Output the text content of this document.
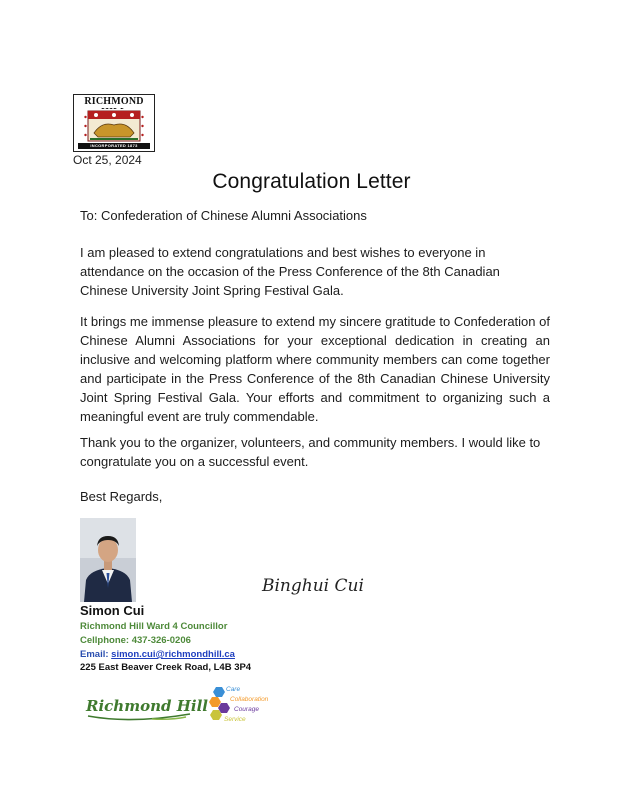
RICHMOND
INCORPORATED 1873
Oct 25, 2024
Congratulation Letter
To: Confederation of Chinese Alumni Associations
I am pleased to extend congratulations and best wishes to everyone in attendance on the occasion of the Press Conference of the 8th Canadian Chinese University Joint Spring Festival Gala.
It brings me immense pleasure to extend my sincere gratitude to Confederation of Chinese Alumni Associations for your exceptional dedication in creating an inclusive and welcoming platform where community members can come together and participate in the Press Conference of the 8th Canadian Chinese University Joint Spring Festival Gala. Your efforts and commitment to organizing such a meaningful event are truly commendable.
Thank you to the organizer, volunteers, and community members. I would like to congratulate you on a successful event.
Best Regards,
Binghui Cui
Simon Cui
Richmond Hill Ward 4 Councillor
Cellphone: 437-326-0206
Email: simon.cui@richmondhill.ca
225 East Beaver Creek Road, L4B 3P4
Richmond Hill
Care
Collaboration
Courage
Service
